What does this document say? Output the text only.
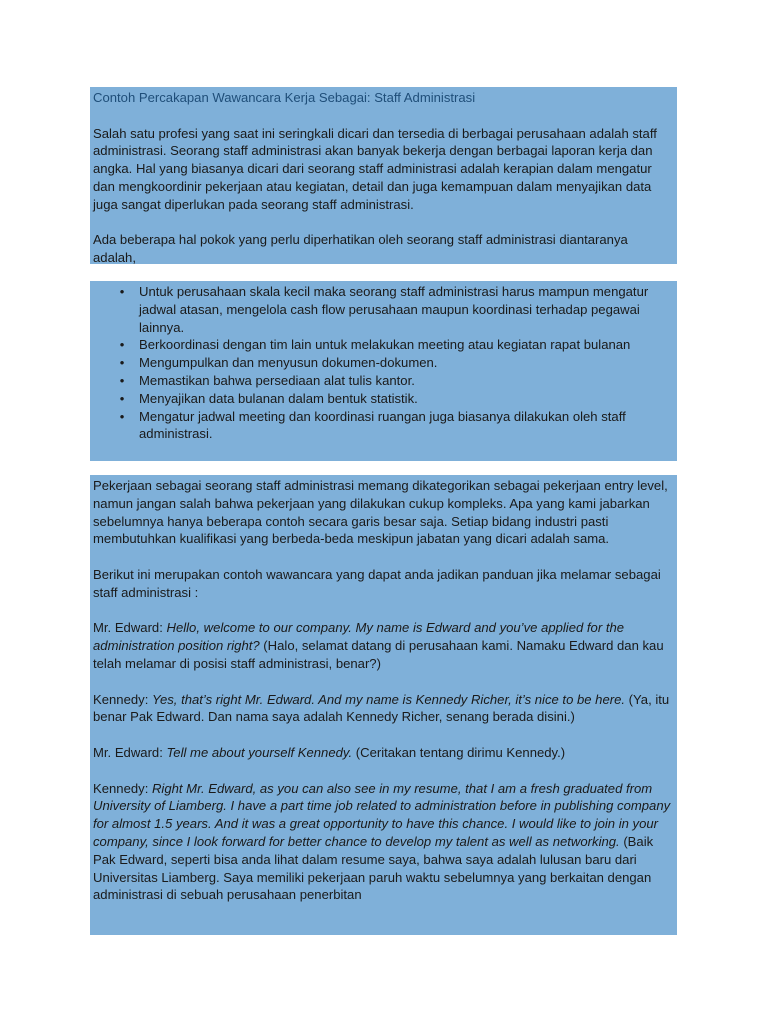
Contoh Percakapan Wawancara Kerja Sebagai: Staff Administrasi

Salah satu profesi yang saat ini seringkali dicari dan tersedia di berbagai perusahaan adalah staff administrasi. Seorang staff administrasi akan banyak bekerja dengan berbagai laporan kerja dan angka. Hal yang biasanya dicari dari seorang staff administrasi adalah kerapian dalam mengatur dan mengkoordinir pekerjaan atau kegiatan, detail dan juga kemampuan dalam menyajikan data juga sangat diperlukan pada seorang staff administrasi.

Ada beberapa hal pokok yang perlu diperhatikan oleh seorang staff administrasi diantaranya adalah,

•	Untuk perusahaan skala kecil maka seorang staff administrasi harus mampun mengatur jadwal atasan, mengelola cash flow perusahaan maupun koordinasi terhadap pegawai lainnya.
•	Berkoordinasi dengan tim lain untuk melakukan meeting atau kegiatan rapat bulanan
•	Mengumpulkan dan menyusun dokumen-dokumen.
•	Memastikan bahwa persediaan alat tulis kantor.
•	Menyajikan data bulanan dalam bentuk statistik.
•	Mengatur jadwal meeting dan koordinasi ruangan juga biasanya dilakukan oleh staff administrasi.

Pekerjaan sebagai seorang staff administrasi memang dikategorikan sebagai pekerjaan entry level, namun jangan salah bahwa pekerjaan yang dilakukan cukup kompleks. Apa yang kami jabarkan sebelumnya hanya beberapa contoh secara garis besar saja. Setiap bidang industri pasti membutuhkan kualifikasi yang berbeda-beda meskipun jabatan yang dicari adalah sama.

Berikut ini merupakan contoh wawancara yang dapat anda jadikan panduan jika melamar sebagai staff administrasi :

Mr. Edward: Hello, welcome to our company. My name is Edward and you’ve applied for the administration position right? (Halo, selamat datang di perusahaan kami. Namaku Edward dan kau telah melamar di posisi staff administrasi, benar?)

Kennedy: Yes, that’s right Mr. Edward. And my name is Kennedy Richer, it’s nice to be here. (Ya, itu benar Pak Edward. Dan nama saya adalah Kennedy Richer, senang berada disini.)

Mr. Edward: Tell me about yourself Kennedy. (Ceritakan tentang dirimu Kennedy.)

Kennedy: Right Mr. Edward, as you can also see in my resume, that I am a fresh graduated from University of Liamberg. I have a part time job related to administration before in publishing company for almost 1.5 years. And it was a great opportunity to have this chance. I would like to join in your company, since I look forward for better chance to develop my talent as well as networking. (Baik Pak Edward, seperti bisa anda lihat dalam resume saya, bahwa saya adalah lulusan baru dari Universitas Liamberg. Saya memiliki pekerjaan paruh waktu sebelumnya yang berkaitan dengan administrasi di sebuah perusahaan penerbitan
